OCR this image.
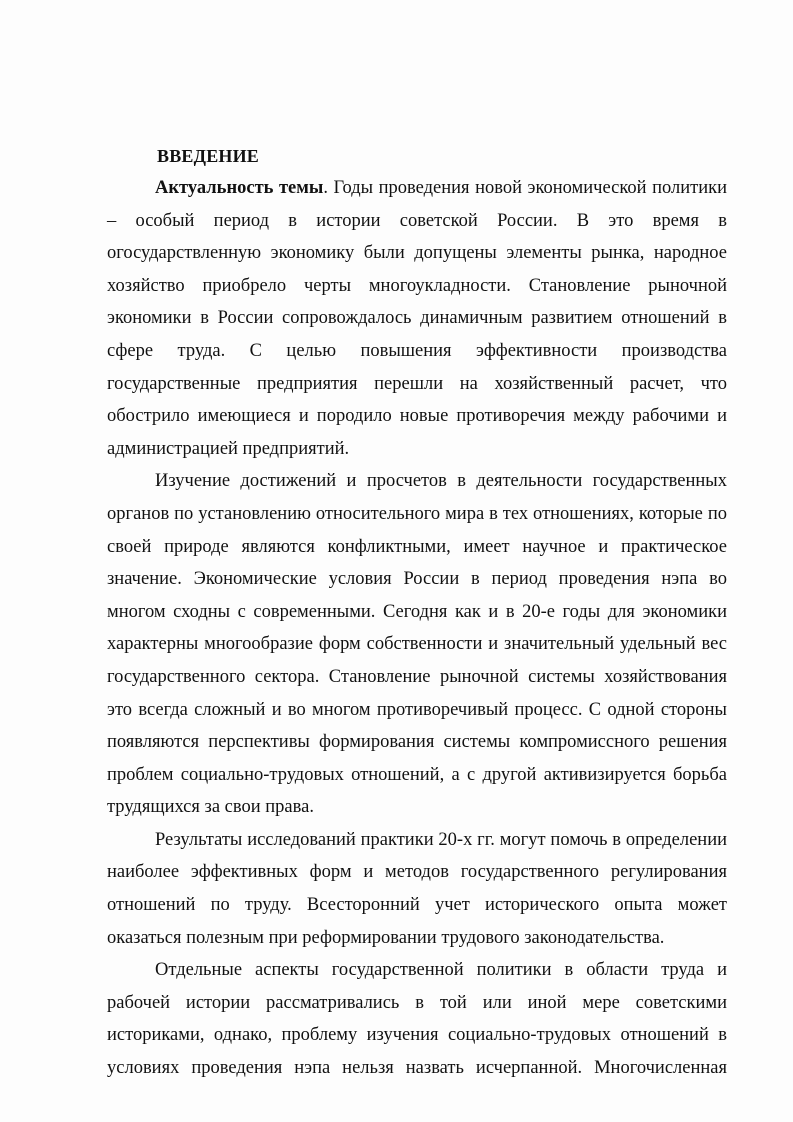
ВВЕДЕНИЕ

Актуальность темы. Годы проведения новой экономической политики – особый период в истории советской России. В это время в огосударствленную экономику были допущены элементы рынка, народное хозяйство приобрело черты многоукладности. Становление рыночной экономики в России сопровождалось динамичным развитием отношений в сфере труда. С целью повышения эффективности производства государственные предприятия перешли на хозяйственный расчет, что обострило имеющиеся и породило новые противоречия между рабочими и администрацией предприятий.

Изучение достижений и просчетов в деятельности государственных органов по установлению относительного мира в тех отношениях, которые по своей природе являются конфликтными, имеет научное и практическое значение. Экономические условия России в период проведения нэпа во многом сходны с современными. Сегодня как и в 20-е годы для экономики характерны многообразие форм собственности и значительный удельный вес государственного сектора. Становление рыночной системы хозяйствования это всегда сложный и во многом противоречивый процесс. С одной стороны появляются перспективы формирования системы компромиссного решения проблем социально-трудовых отношений, а с другой активизируется борьба трудящихся за свои права.

Результаты исследований практики 20-х гг. могут помочь в определении наиболее эффективных форм и методов государственного регулирования отношений по труду. Всесторонний учет исторического опыта может оказаться полезным при реформировании трудового законодательства.

Отдельные аспекты государственной политики в области труда и рабочей истории рассматривались в той или иной мере советскими историками, однако, проблему изучения социально-трудовых отношений в условиях проведения нэпа нельзя назвать исчерпанной. Многочисленная
